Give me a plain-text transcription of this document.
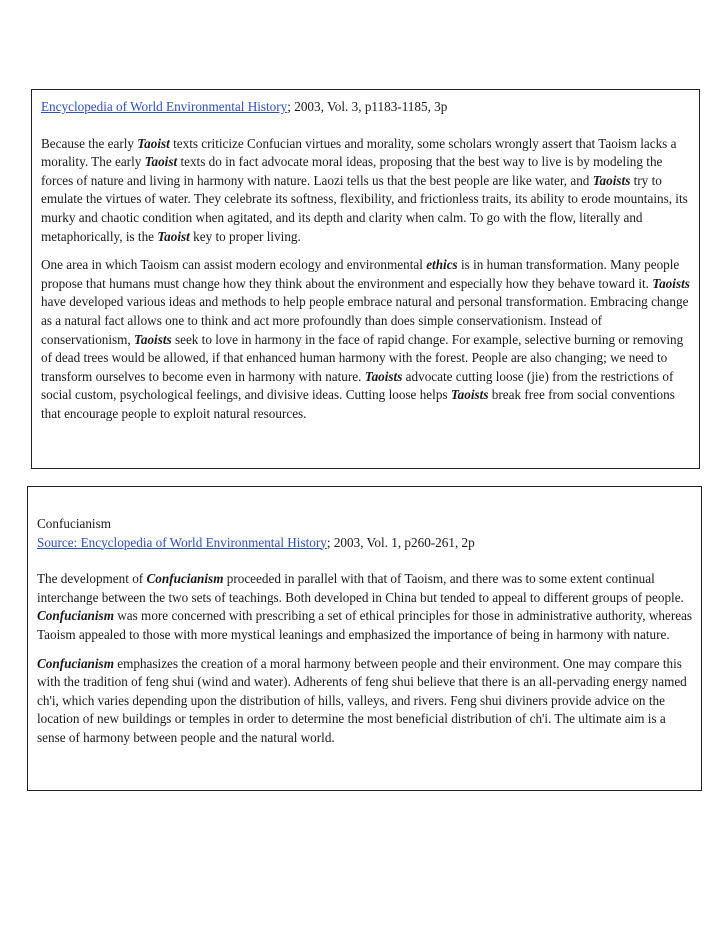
Encyclopedia of World Environmental History; 2003, Vol. 3, p1183-1185, 3p

Because the early Taoist texts criticize Confucian virtues and morality, some scholars wrongly assert that Taoism lacks a morality. The early Taoist texts do in fact advocate moral ideas, proposing that the best way to live is by modeling the forces of nature and living in harmony with nature. Laozi tells us that the best people are like water, and Taoists try to emulate the virtues of water. They celebrate its softness, flexibility, and frictionless traits, its ability to erode mountains, its murky and chaotic condition when agitated, and its depth and clarity when calm. To go with the flow, literally and metaphorically, is the Taoist key to proper living.

One area in which Taoism can assist modern ecology and environmental ethics is in human transformation. Many people propose that humans must change how they think about the environment and especially how they behave toward it. Taoists have developed various ideas and methods to help people embrace natural and personal transformation. Embracing change as a natural fact allows one to think and act more profoundly than does simple conservationism. Instead of conservationism, Taoists seek to love in harmony in the face of rapid change. For example, selective burning or removing of dead trees would be allowed, if that enhanced human harmony with the forest. People are also changing; we need to transform ourselves to become even in harmony with nature. Taoists advocate cutting loose (jie) from the restrictions of social custom, psychological feelings, and divisive ideas. Cutting loose helps Taoists break free from social conventions that encourage people to exploit natural resources.

Confucianism

Source: Encyclopedia of World Environmental History; 2003, Vol. 1, p260-261, 2p

The development of Confucianism proceeded in parallel with that of Taoism, and there was to some extent continual interchange between the two sets of teachings. Both developed in China but tended to appeal to different groups of people. Confucianism was more concerned with prescribing a set of ethical principles for those in administrative authority, whereas Taoism appealed to those with more mystical leanings and emphasized the importance of being in harmony with nature.

Confucianism emphasizes the creation of a moral harmony between people and their environment. One may compare this with the tradition of feng shui (wind and water). Adherents of feng shui believe that there is an all-pervading energy named ch'i, which varies depending upon the distribution of hills, valleys, and rivers. Feng shui diviners provide advice on the location of new buildings or temples in order to determine the most beneficial distribution of ch'i. The ultimate aim is a sense of harmony between people and the natural world.
